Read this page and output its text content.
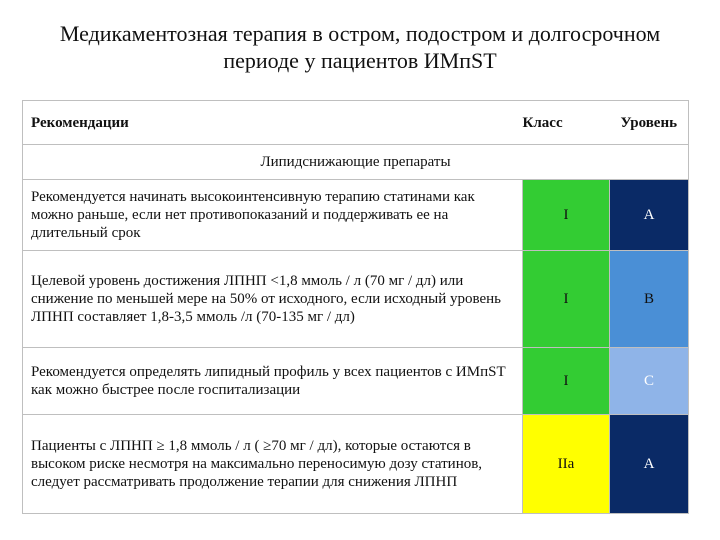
Медикаментозная терапия в остром, подостром и долгосрочном
периоде у пациентов ИМпST
Рекомендации	Класс	Уровень
Липидснижающие препараты		
Рекомендуется начинать высокоинтенсивную терапию статинами как можно раньше, если нет противопоказаний и поддерживать ее на длительный срок	I	A
Целевой уровень достижения ЛПНП <1,8 ммоль / л (70 мг / дл) или снижение по меньшей мере на 50% от исходного, если исходный уровень ЛПНП составляет 1,8-3,5 ммоль /л (70-135 мг / дл)	I	B
Рекомендуется определять липидный профиль у всех пациентов с ИМпST как можно быстрее после госпитализации	I	C
Пациенты с ЛПНП ≥ 1,8 ммоль / л ( ≥70 мг / дл), которые остаются в высоком риске несмотря на максимально переносимую дозу статинов, следует рассматривать продолжение терапии для снижения ЛПНП	IIa	A
